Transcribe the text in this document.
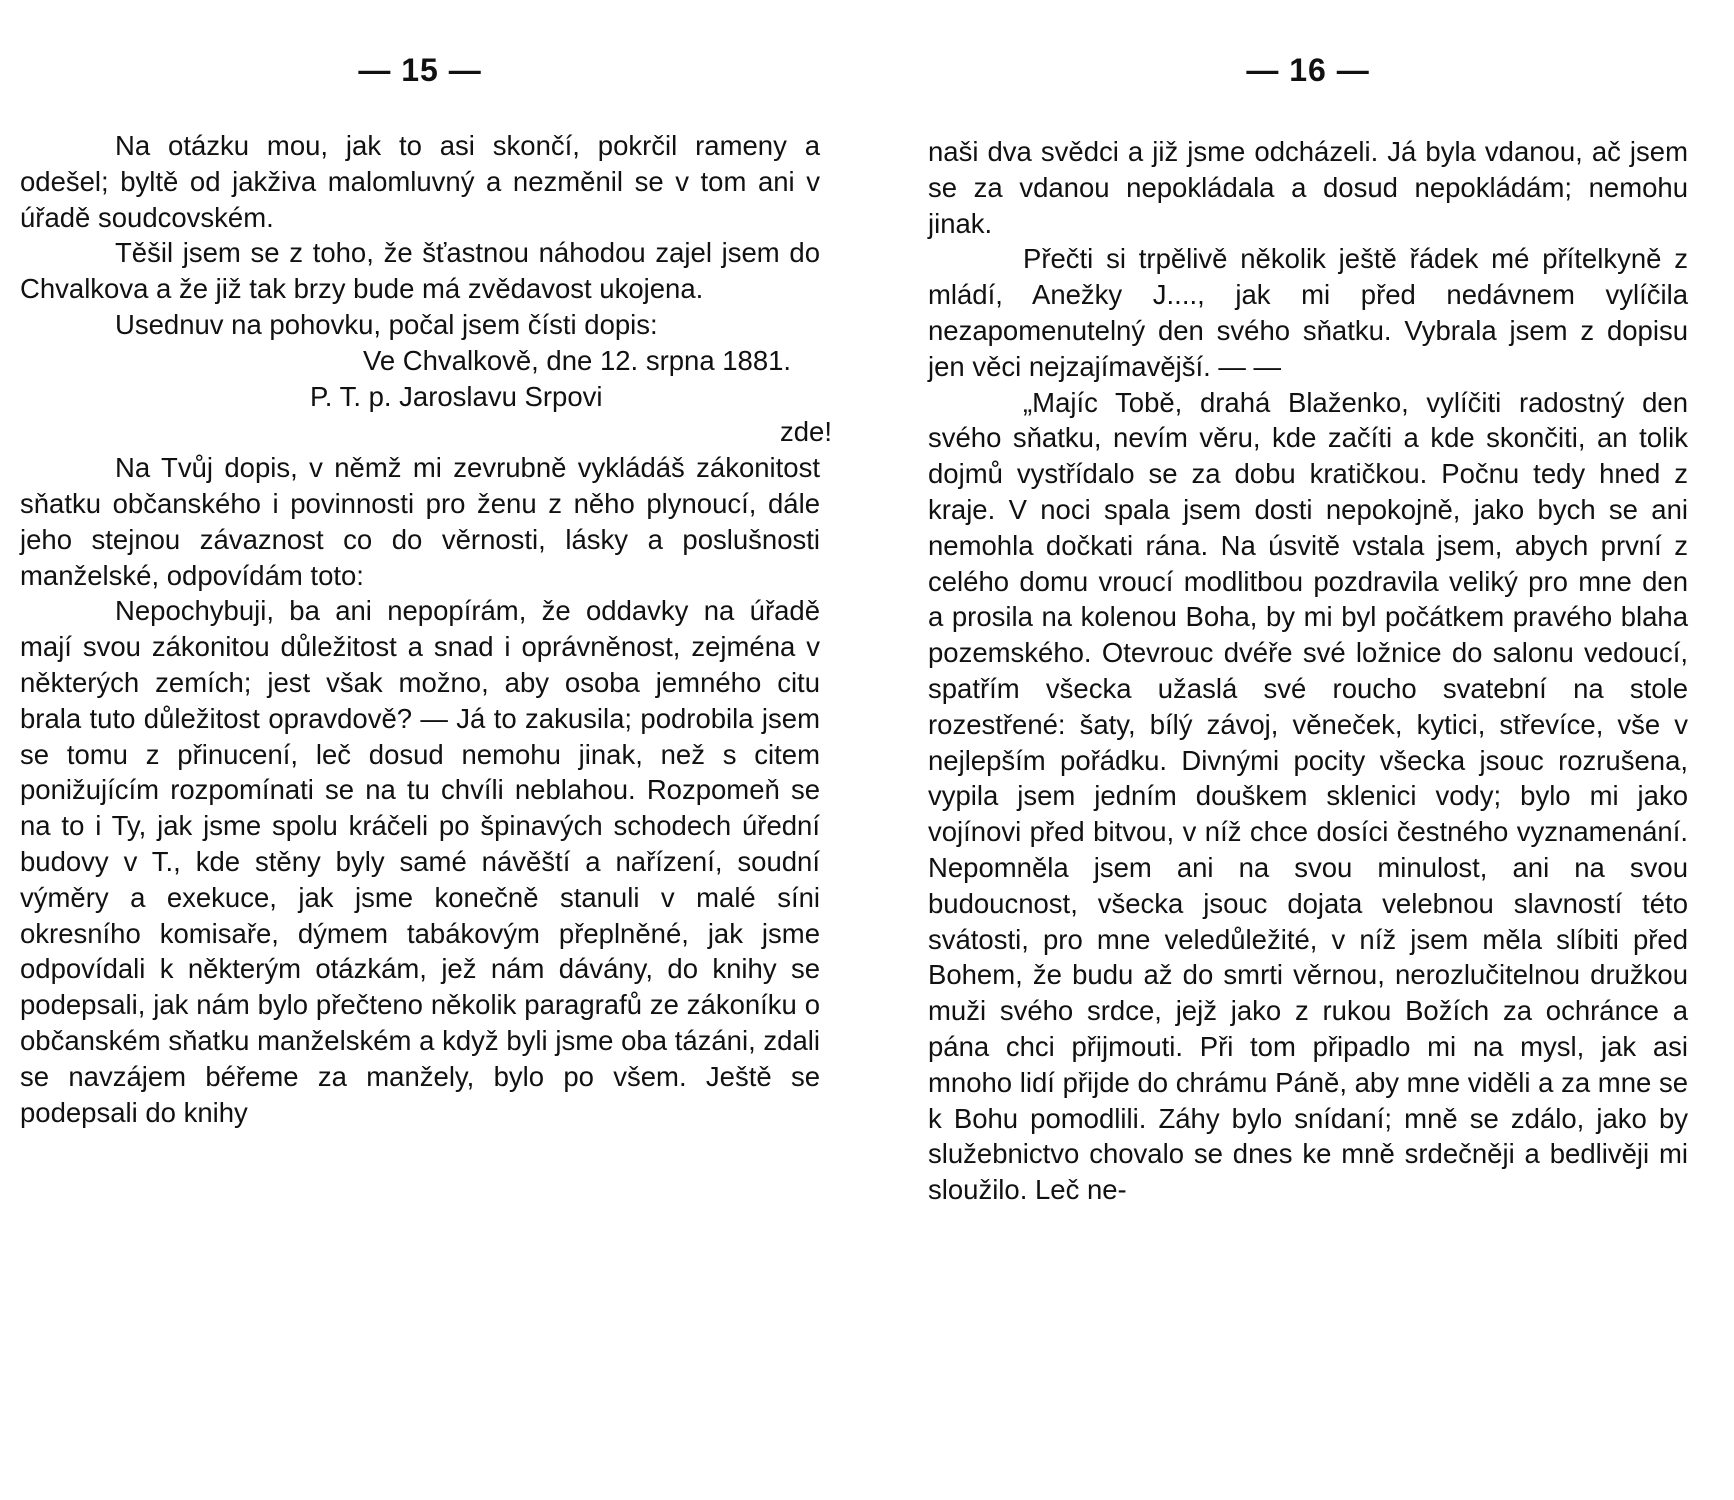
— 15 —

Na otázku mou, jak to asi skončí, pokrčil rameny a odešel; byltě od jakživa malomluvný a nezměnil se v tom ani v úřadě soudcovském.

Těšil jsem se z toho, že šťastnou náhodou zajel jsem do Chvalkova a že již tak brzy bude má zvědavost ukojena.

Usednuv na pohovku, počal jsem čísti dopis:

Ve Chvalkově, dne 12. srpna 1881.

P. T. p. Jaroslavu Srpovi

zde!

Na Tvůj dopis, v němž mi zevrubně vykládáš zákonitost sňatku občanského i povinnosti pro ženu z něho plynoucí, dále jeho stejnou závaznost co do věrnosti, lásky a poslušnosti manželské, odpovídám toto:

Nepochybuji, ba ani nepopírám, že oddavky na úřadě mají svou zákonitou důležitost a snad i oprávněnost, zejména v některých zemích; jest však možno, aby osoba jemného citu brala tuto důležitost opravdově? — Já to zakusila; podrobila jsem se tomu z přinucení, leč dosud nemohu jinak, než s citem ponižujícím rozpomínati se na tu chvíli neblahou. Rozpomeň se na to i Ty, jak jsme spolu kráčeli po špinavých schodech úřední budovy v T., kde stěny byly samé návěští a nařízení, soudní výměry a exekuce, jak jsme konečně stanuli v malé síni okresního komisaře, dýmem tabákovým přeplněné, jak jsme odpovídali k některým otázkám, jež nám dávány, do knihy se podepsali, jak nám bylo přečteno několik paragrafů ze zákoníku o občanském sňatku manželském a když byli jsme oba tázáni, zdali se navzájem béřeme za manžely, bylo po všem. Ještě se podepsali do knihy

— 16 —

naši dva svědci a již jsme odcházeli. Já byla vdanou, ač jsem se za vdanou nepokládala a dosud nepokládám; nemohu jinak.

Přečti si trpělivě několik ještě řádek mé přítelkyně z mládí, Anežky J...., jak mi před nedávnem vylíčila nezapomenutelný den svého sňatku. Vybrala jsem z dopisu jen věci nejzajímavější. — —

„Majíc Tobě, drahá Blaženko, vylíčiti radostný den svého sňatku, nevím věru, kde začíti a kde skončiti, an tolik dojmů vystřídalo se za dobu kratičkou. Počnu tedy hned z kraje. V noci spala jsem dosti nepokojně, jako bych se ani nemohla dočkati rána. Na úsvitě vstala jsem, abych první z celého domu vroucí modlitbou pozdravila veliký pro mne den a prosila na kolenou Boha, by mi byl počátkem pravého blaha pozemského. Otevrouc dvéře své ložnice do salonu vedoucí, spatřím všecka užaslá své roucho svatební na stole rozestřené: šaty, bílý závoj, věneček, kytici, střevíce, vše v nejlepším pořádku. Divnými pocity všecka jsouc rozrušena, vypila jsem jedním douškem sklenici vody; bylo mi jako vojínovi před bitvou, v níž chce dosíci čestného vyznamenání. Nepomněla jsem ani na svou minulost, ani na svou budoucnost, všecka jsouc dojata velebnou slavností této svátosti, pro mne veledůležité, v níž jsem měla slíbiti před Bohem, že budu až do smrti věrnou, nerozlučitelnou družkou muži svého srdce, jejž jako z rukou Božích za ochránce a pána chci přijmouti. Při tom připadlo mi na mysl, jak asi mnoho lidí přijde do chrámu Páně, aby mne viděli a za mne se k Bohu pomodlili. Záhy bylo snídaní; mně se zdálo, jako by služebnictvo chovalo se dnes ke mně srdečněji a bedlivěji mi sloužilo. Leč ne-
